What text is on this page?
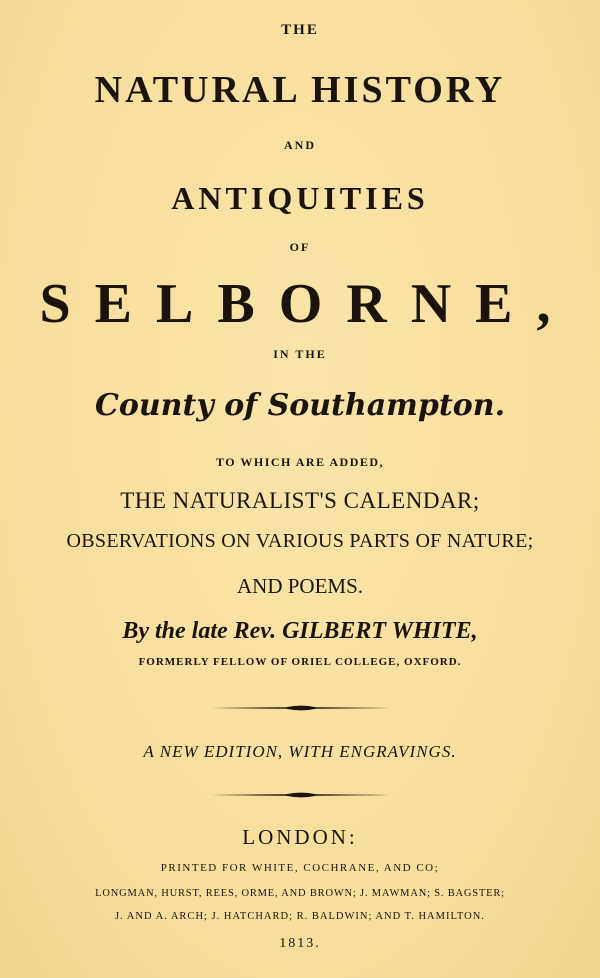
THE
NATURAL HISTORY
AND
ANTIQUITIES
OF
SELBORNE,
IN THE
County of Southampton.
TO WHICH ARE ADDED,
THE NATURALIST'S CALENDAR;
OBSERVATIONS ON VARIOUS PARTS OF NATURE;
AND POEMS.
By the late Rev. GILBERT WHITE,
FORMERLY FELLOW OF ORIEL COLLEGE, OXFORD.
A NEW EDITION, WITH ENGRAVINGS.
LONDON:
PRINTED FOR WHITE, COCHRANE, AND CO;
LONGMAN, HURST, REES, ORME, AND BROWN; J. MAWMAN; S. BAGSTER;
J. AND A. ARCH; J. HATCHARD; R. BALDWIN; AND T. HAMILTON.
1813.
